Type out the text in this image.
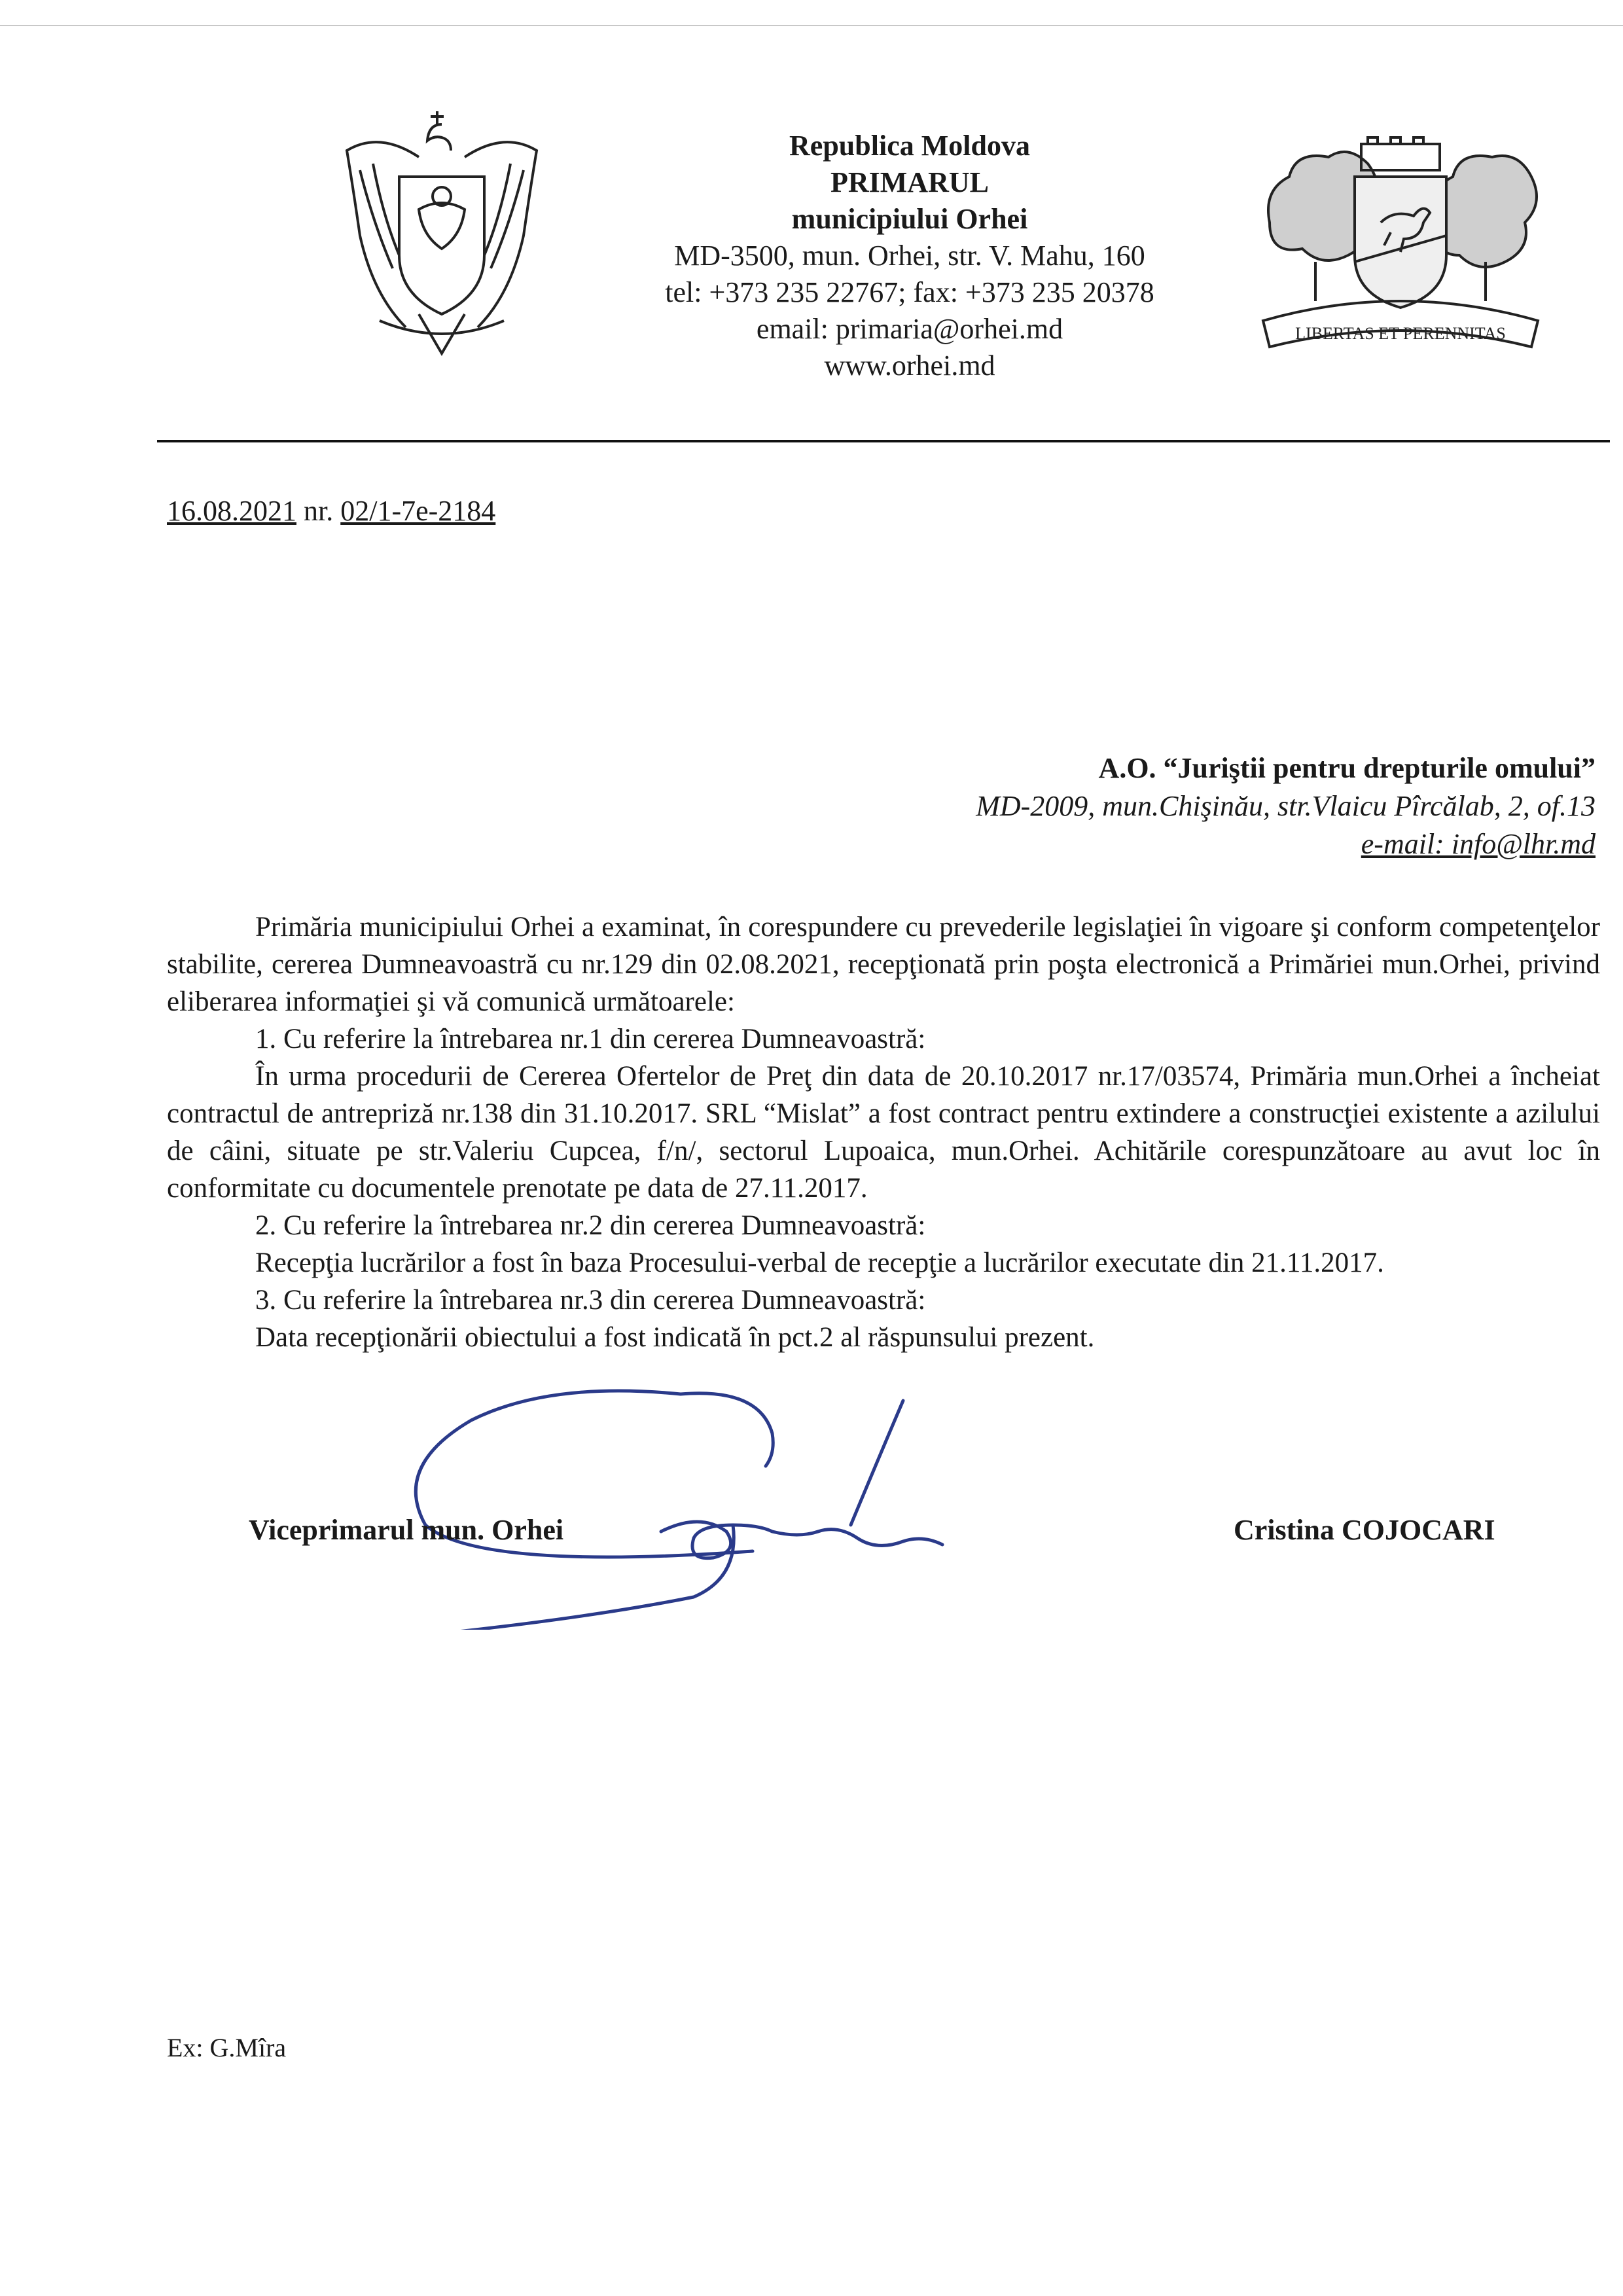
LIBERTAS ET PERENNITAS
Republica Moldova
PRIMARUL
municipiului Orhei
MD-3500, mun. Orhei, str. V. Mahu, 160
tel: +373 235 22767; fax: +373 235 20378
email: primaria@orhei.md
www.orhei.md
16.08.2021 nr. 02/1-7e-2184
A.O. “Juriştii pentru drepturile omului”
MD-2009, mun.Chişinău, str.Vlaicu Pîrcălab, 2, of.13
e-mail: info@lhr.md

Primăria municipiului Orhei a examinat, în corespundere cu prevederile legislaţiei în vigoare şi conform competenţelor stabilite, cererea Dumneavoastră cu nr.129 din 02.08.2021, recepţionată prin poşta electronică a Primăriei mun.Orhei, privind eliberarea informaţiei şi vă comunică următoarele:

1. Cu referire la întrebarea nr.1 din cererea Dumneavoastră:

În urma procedurii de Cererea Ofertelor de Preţ din data de 20.10.2017 nr.17/03574, Primăria mun.Orhei a încheiat contractul de antrepriză nr.138 din 31.10.2017. SRL “Mislat” a fost contract pentru extindere a construcţiei existente a azilului de câini, situate pe str.Valeriu Cupcea, f/n/, sectorul Lupoaica, mun.Orhei. Achitările corespunzătoare au avut loc în conformitate cu documentele prenotate pe data de 27.11.2017.

2. Cu referire la întrebarea nr.2 din cererea Dumneavoastră:

Recepţia lucrărilor a fost în baza Procesului-verbal de recepţie a lucrărilor executate din 21.11.2017.

3. Cu referire la întrebarea nr.3 din cererea Dumneavoastră:

Data recepţionării obiectului a fost indicată în pct.2 al răspunsului prezent.

Viceprimarul mun. Orhei	Cristina COJOCARI
Ex: G.Mîra
